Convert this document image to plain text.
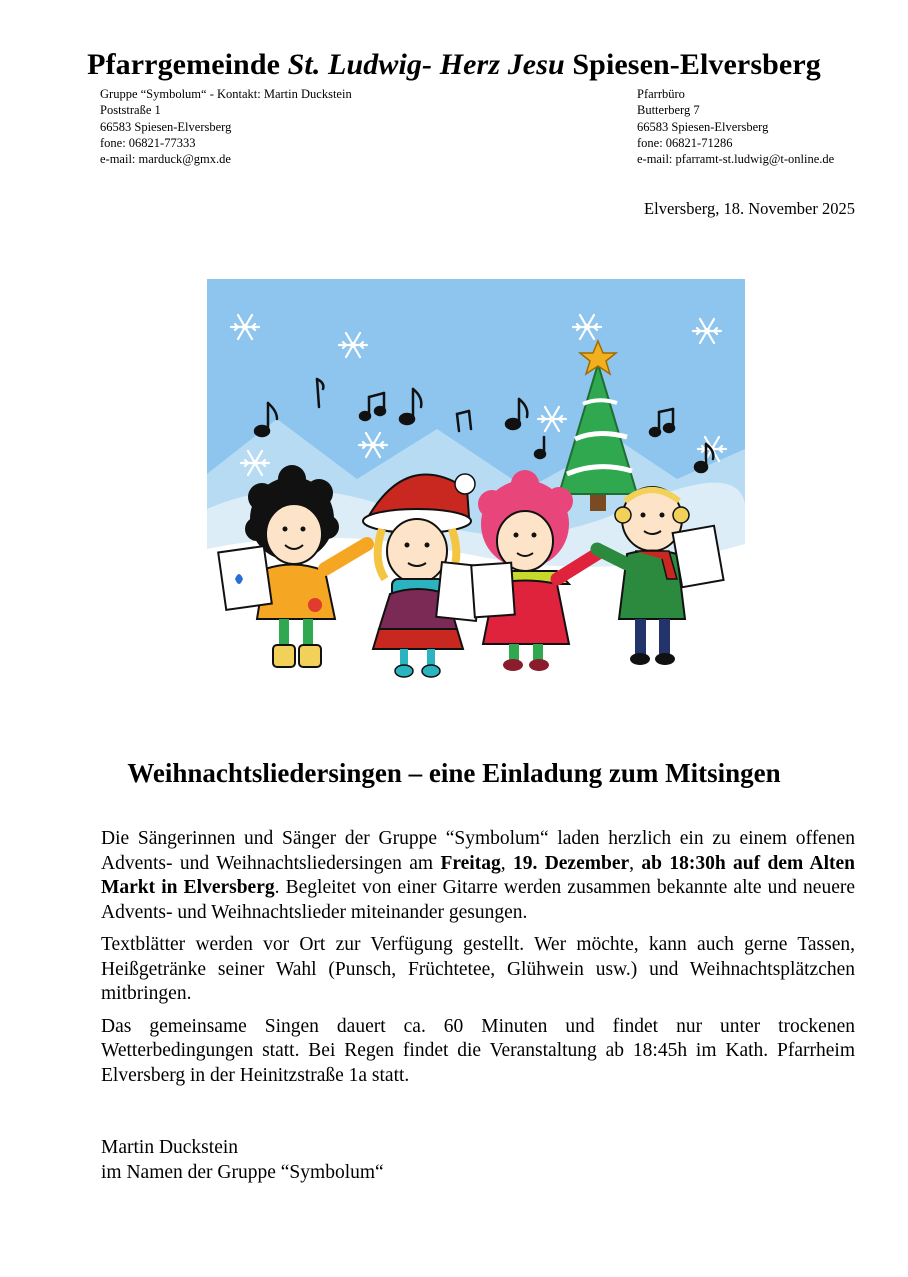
Pfarrgemeinde St. Ludwig- Herz Jesu Spiesen-Elversberg
Gruppe “Symbolum“ - Kontakt: Martin Duckstein
Poststraße 1
66583 Spiesen-Elversberg
fone: 06821-77333
e-mail: marduck@gmx.de
Pfarrbüro
Butterberg 7
66583 Spiesen-Elversberg
fone: 06821-71286
e-mail: pfarramt-st.ludwig@t-online.de
Elversberg, 18. November 2025
Weihnachtsliedersingen – eine Einladung zum Mitsingen

Die Sängerinnen und Sänger der Gruppe “Symbolum“ laden herzlich ein zu einem offenen Advents- und Weihnachtsliedersingen am Freitag, 19. Dezember, ab 18:30h auf dem Alten Markt in Elversberg. Begleitet von einer Gitarre werden zusammen bekannte alte und neuere Advents- und Weihnachtslieder miteinander gesungen.

Textblätter werden vor Ort zur Verfügung gestellt. Wer möchte, kann auch gerne Tassen, Heißgetränke seiner Wahl (Punsch, Früchtetee, Glühwein usw.) und Weihnachtsplätzchen mitbringen.

Das gemeinsame Singen dauert ca. 60 Minuten und findet nur unter trockenen Wetterbedingungen statt. Bei Regen findet die Veranstaltung ab 18:45h im Kath. Pfarrheim Elversberg in der Heinitzstraße 1a statt.

Martin Duckstein
im Namen der Gruppe “Symbolum“
